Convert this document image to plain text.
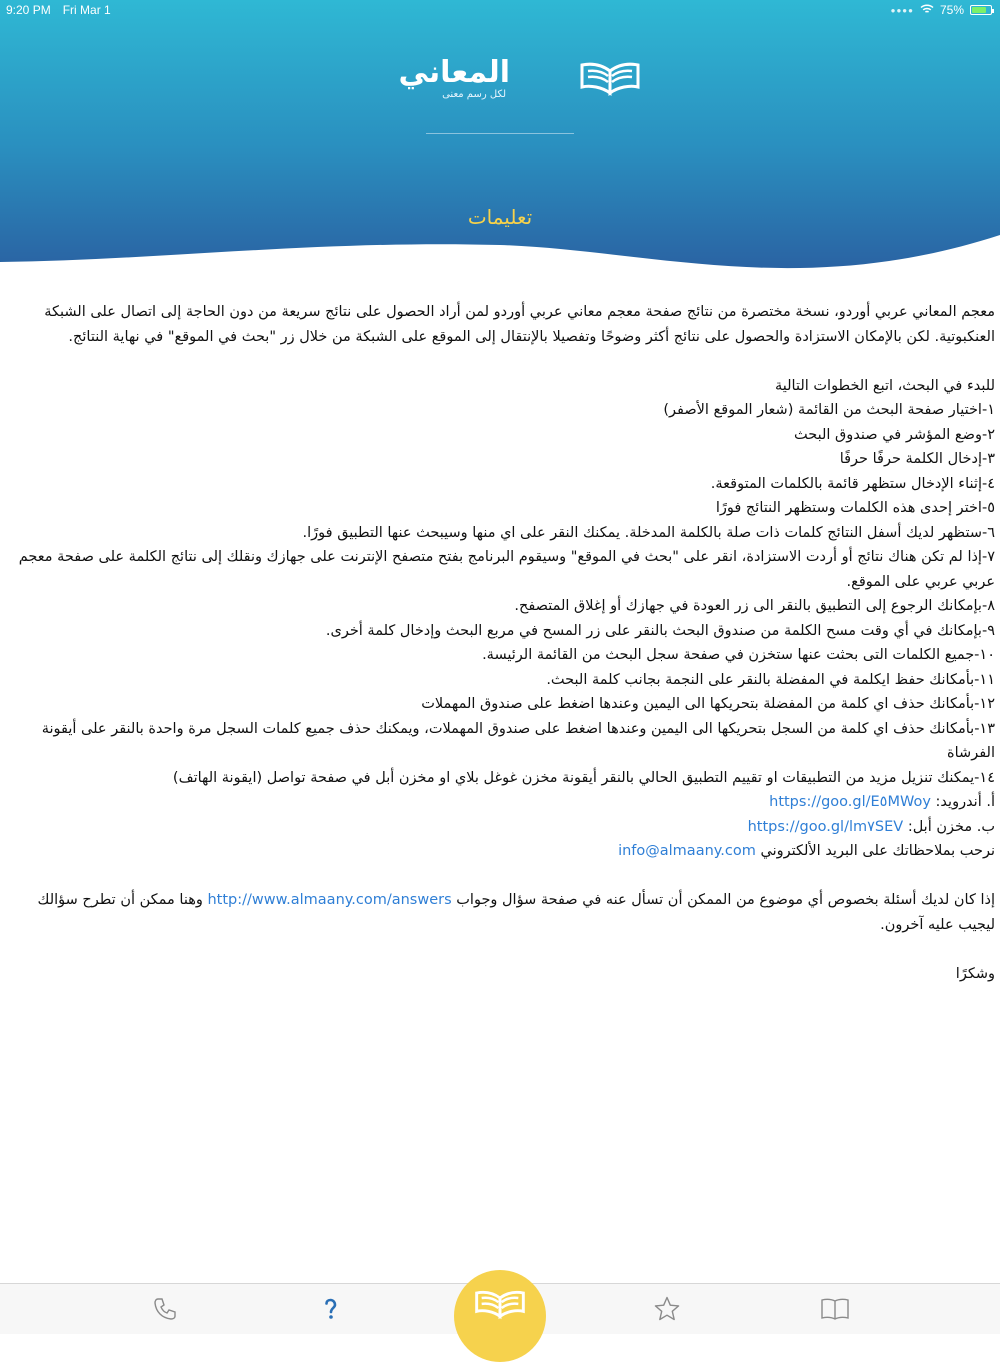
المعاني
لكل رسم معنى
تعليمات
9:20 PM Fri Mar 1	●●●● 75%

معجم المعاني عربي أوردو، نسخة مختصرة من نتائج صفحة معجم معاني عربي أوردو لمن أراد الحصول على نتائج سريعة من دون الحاجة إلى اتصال على الشبكة العنكبوتية. لكن بالإمكان الاستزادة والحصول على نتائج أكثر وضوحًا وتفصيلا بالإنتقال إلى الموقع على الشبكة من خلال زر "بحث في الموقع" في نهاية النتائج.

للبدء في البحث، اتبع الخطوات التالية

١-اختيار صفحة البحث من القائمة (شعار الموقع الأصفر)

٢-وضع المؤشر في صندوق البحث

٣-إدخال الكلمة حرفًا حرفًا

٤-إثناء الإدخال ستظهر قائمة بالكلمات المتوقعة.

٥-اختر إحدى هذه الكلمات وستظهر النتائج فورًا

٦-ستظهر لديك أسفل النتائج كلمات ذات صلة بالكلمة المدخلة. يمكنك النقر على اي منها وسيبحث عنها التطبيق فورًا.

٧-إذا لم تكن هناك نتائج أو أردت الاستزادة، انقر على "بحث في الموقع" وسيقوم البرنامج بفتح متصفح الإنترنت على جهازك ونقلك إلى نتائج الكلمة على صفحة معجم عربي عربي على الموقع.

٨-بإمكانك الرجوع إلى التطبيق بالنقر الى زر العودة في جهازك أو إغلاق المتصفح.

٩-بإمكانك في أي وقت مسح الكلمة من صندوق البحث بالنقر على زر المسح في مربع البحث وإدخال كلمة أخرى.

١٠-جميع الكلمات التى بحثت عنها ستخزن في صفحة سجل البحث من القائمة الرئيسة.

١١-بأمكانك حفظ ايكلمة في المفضلة بالنقر على النجمة بجانب كلمة البحث.

١٢-بأمكانك حذف اي كلمة من المفضلة بتحريكها الى اليمين وعندها اضغط على صندوق المهملات

١٣-بأمكانك حذف اي كلمة من السجل بتحريكها الى اليمين وعندها اضغط على صندوق المهملات، ويمكنك حذف جميع كلمات السجل مرة واحدة بالنقر على أيقونة الفرشاة

١٤-يمكنك تنزيل مزيد من التطبيقات او تقييم التطبيق الحالي بالنقر أيقونة مخزن غوغل بلاي او مخزن أبل في صفحة تواصل (ايقونة الهاتف)

أ. أندرويد: https://goo.gl/E٥MWoy

ب. مخزن أبل: https://goo.gl/lm٧SEV

نرحب بملاحظاتك على البريد الألكتروني info@almaany.com

إذا كان لديك أسئلة بخصوص أي موضوع من الممكن أن تسأل عنه في صفحة سؤال وجواب http://www.almaany.com/answers وهنا ممكن أن تطرح سؤالك ليجيب عليه آخرون.

وشكرًا
